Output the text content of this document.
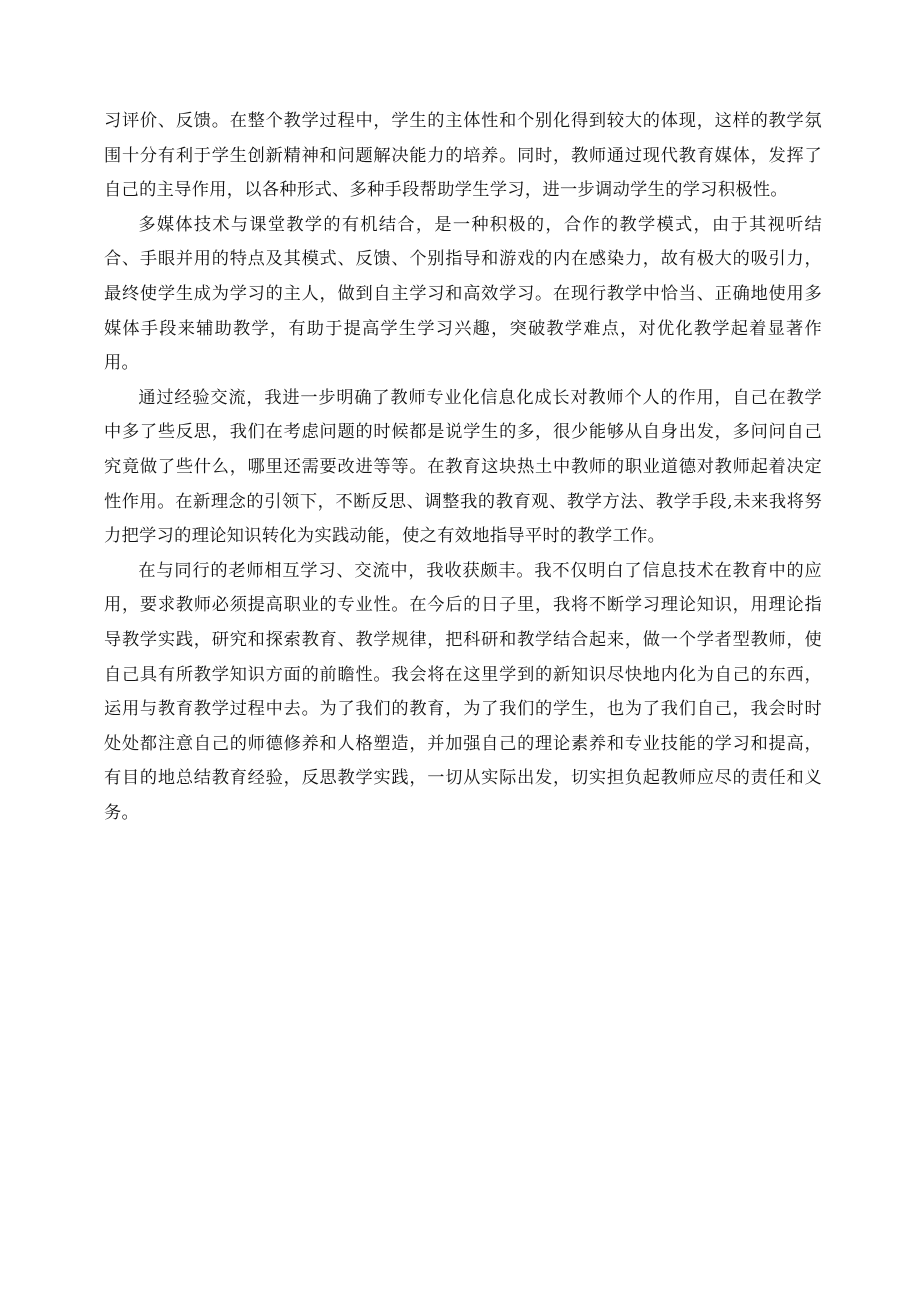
习评价、反馈。在整个教学过程中，学生的主体性和个别化得到较大的体现，这样的教学氛围十分有利于学生创新精神和问题解决能力的培养。同时，教师通过现代教育媒体，发挥了自己的主导作用，以各种形式、多种手段帮助学生学习，进一步调动学生的学习积极性。

多媒体技术与课堂教学的有机结合，是一种积极的，合作的教学模式，由于其视听结合、手眼并用的特点及其模式、反馈、个别指导和游戏的内在感染力，故有极大的吸引力，最终使学生成为学习的主人，做到自主学习和高效学习。在现行教学中恰当、正确地使用多媒体手段来辅助教学，有助于提高学生学习兴趣，突破教学难点，对优化教学起着显著作用。

通过经验交流，我进一步明确了教师专业化信息化成长对教师个人的作用，自己在教学中多了些反思，我们在考虑问题的时候都是说学生的多，很少能够从自身出发，多问问自己究竟做了些什么，哪里还需要改进等等。在教育这块热土中教师的职业道德对教师起着决定性作用。在新理念的引领下，不断反思、调整我的教育观、教学方法、教学手段,未来我将努力把学习的理论知识转化为实践动能，使之有效地指导平时的教学工作。

在与同行的老师相互学习、交流中，我收获颇丰。我不仅明白了信息技术在教育中的应用，要求教师必须提高职业的专业性。在今后的日子里，我将不断学习理论知识，用理论指导教学实践，研究和探索教育、教学规律，把科研和教学结合起来，做一个学者型教师，使自己具有所教学知识方面的前瞻性。我会将在这里学到的新知识尽快地内化为自己的东西，运用与教育教学过程中去。为了我们的教育，为了我们的学生，也为了我们自己，我会时时处处都注意自己的师德修养和人格塑造，并加强自己的理论素养和专业技能的学习和提高，有目的地总结教育经验，反思教学实践，一切从实际出发，切实担负起教师应尽的责任和义务。
